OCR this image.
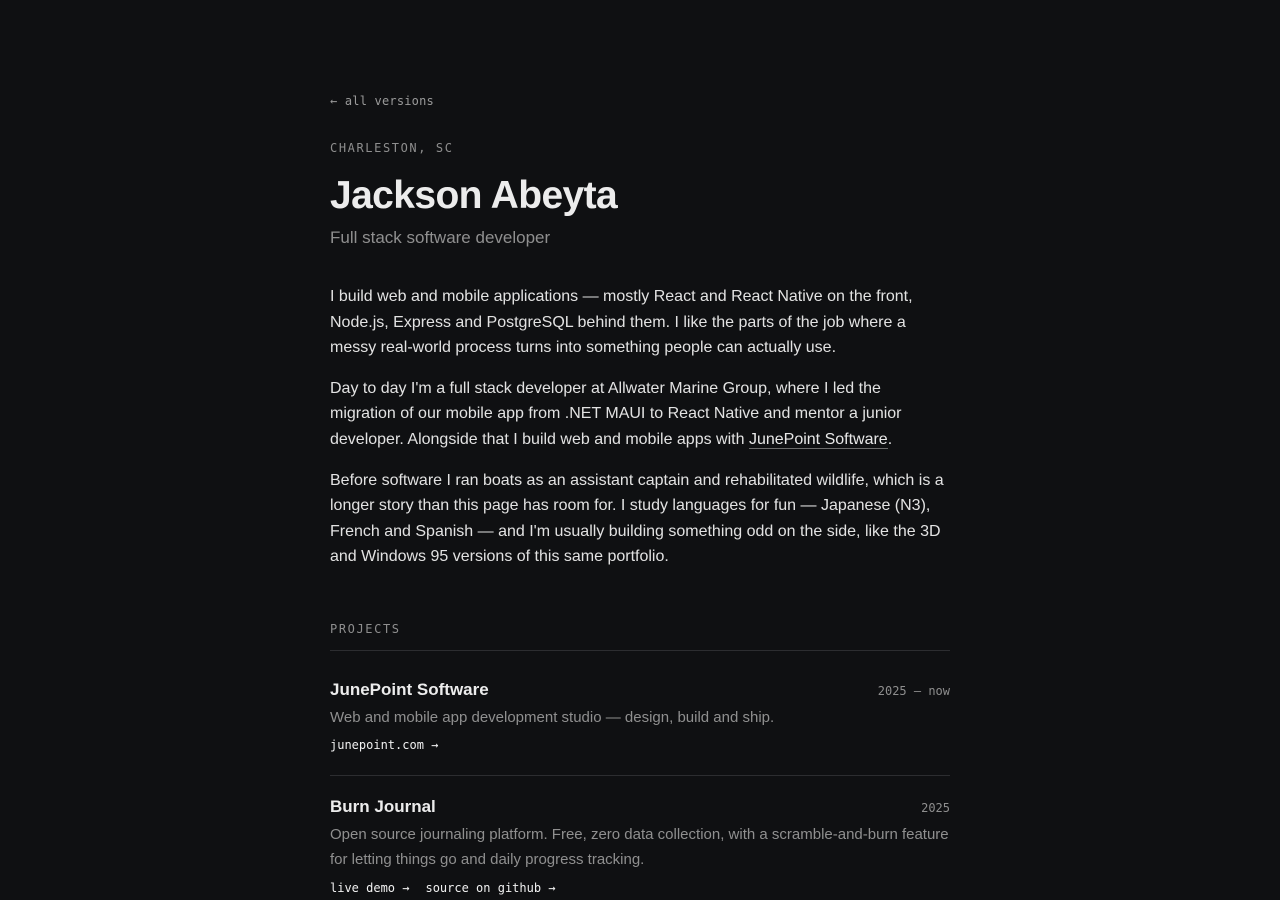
← all versions
CHARLESTON, SC
Jackson Abeyta
Full stack software developer

I build web and mobile applications — mostly React and React Native on the front, Node.js, Express and PostgreSQL behind them. I like the parts of the job where a messy real-world process turns into something people can actually use.

Day to day I'm a full stack developer at Allwater Marine Group, where I led the migration of our mobile app from .NET MAUI to React Native and mentor a junior developer. Alongside that I build web and mobile apps with JunePoint Software.

Before software I ran boats as an assistant captain and rehabilitated wildlife, which is a longer story than this page has room for. I study languages for fun — Japanese (N3), French and Spanish — and I'm usually building something odd on the side, like the 3D and Windows 95 versions of this same portfolio.

PROJECTS
JunePoint Software	2025 — now
Web and mobile app development studio — design, build and ship.
junepoint.com →
Burn Journal	2025
Open source journaling platform. Free, zero data collection, with a scramble-and-burn feature for letting things go and daily progress tracking.
live demo → source on github →
